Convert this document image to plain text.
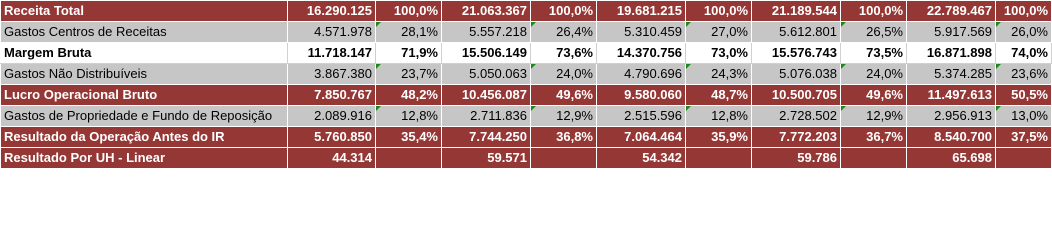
Receita Total	16.290.125	100,0%	21.063.367	100,0%	19.681.215	100,0%	21.189.544	100,0%	22.789.467	100,0%
Gastos Centros de Receitas	4.571.978	28,1%	5.557.218	26,4%	5.310.459	27,0%	5.612.801	26,5%	5.917.569	26,0%
Margem Bruta	11.718.147	71,9%	15.506.149	73,6%	14.370.756	73,0%	15.576.743	73,5%	16.871.898	74,0%
Gastos Não Distribuíveis	3.867.380	23,7%	5.050.063	24,0%	4.790.696	24,3%	5.076.038	24,0%	5.374.285	23,6%
Lucro Operacional Bruto	7.850.767	48,2%	10.456.087	49,6%	9.580.060	48,7%	10.500.705	49,6%	11.497.613	50,5%
Gastos de Propriedade e Fundo de Reposição	2.089.916	12,8%	2.711.836	12,9%	2.515.596	12,8%	2.728.502	12,9%	2.956.913	13,0%
Resultado da Operação Antes do IR	5.760.850	35,4%	7.744.250	36,8%	7.064.464	35,9%	7.772.203	36,7%	8.540.700	37,5%
Resultado Por UH - Linear	44.314		59.571		54.342		59.786		65.698	
